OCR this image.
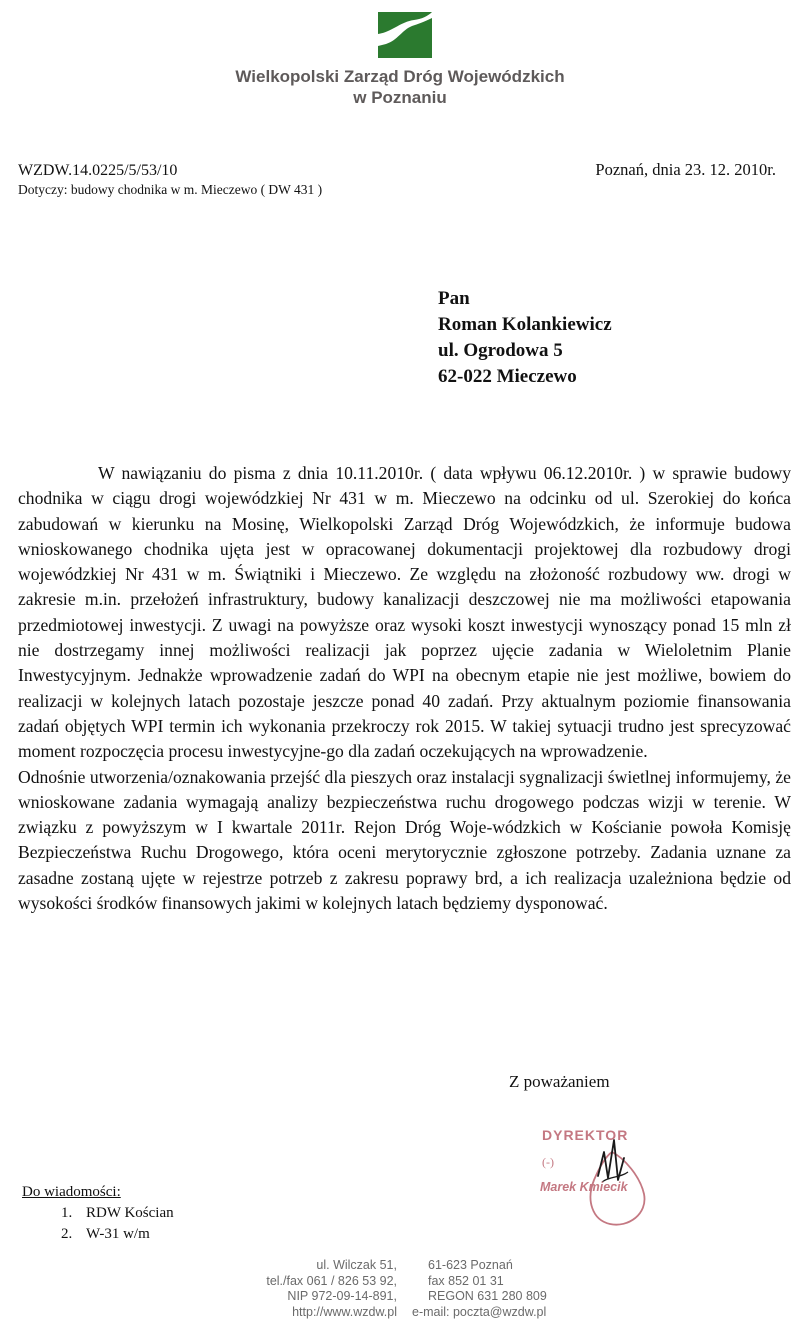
Wielkopolski Zarząd Dróg Wojewódzkich
w Poznaniu
WZDW.14.0225/5/53/10
Dotyczy: budowy chodnika w m. Mieczewo ( DW 431 )
Poznań, dnia 23. 12. 2010r.
Pan
Roman Kolankiewicz
ul. Ogrodowa 5
62-022 Mieczewo

W nawiązaniu do pisma z dnia 10.11.2010r. ( data wpływu 06.12.2010r. ) w sprawie budowy chodnika w ciągu drogi wojewódzkiej Nr 431 w m. Mieczewo na odcinku od ul. Szerokiej do końca zabudowań w kierunku na Mosinę, Wielkopolski Zarząd Dróg Wojewódzkich, że informuje budowa wnioskowanego chodnika ujęta jest w opracowanej dokumentacji projektowej dla rozbudowy drogi wojewódzkiej Nr 431 w m. Świątniki i Mieczewo. Ze względu na złożoność rozbudowy ww. drogi w zakresie m.in. przełożeń infrastruktury, budowy kanalizacji deszczowej nie ma możliwości etapowania przedmiotowej inwestycji. Z uwagi na powyższe oraz wysoki koszt inwestycji wynoszący ponad 15 mln zł nie dostrzegamy innej możliwości realizacji jak poprzez ujęcie zadania w Wieloletnim Planie Inwestycyjnym. Jednakże wprowadzenie zadań do WPI na obecnym etapie nie jest możliwe, bowiem do realizacji w kolejnych latach pozostaje jeszcze ponad 40 zadań. Przy aktualnym poziomie finansowania zadań objętych WPI termin ich wykonania przekroczy rok 2015. W takiej sytuacji trudno jest sprecyzować moment rozpoczęcia procesu inwestycyjne-go dla zadań oczekujących na wprowadzenie.

Odnośnie utworzenia/oznakowania przejść dla pieszych oraz instalacji sygnalizacji świetlnej informujemy, że wnioskowane zadania wymagają analizy bezpieczeństwa ruchu drogowego podczas wizji w terenie. W związku z powyższym w I kwartale 2011r. Rejon Dróg Woje-wódzkich w Kościanie powoła Komisję Bezpieczeństwa Ruchu Drogowego, która oceni merytorycznie zgłoszone potrzeby. Zadania uznane za zasadne zostaną ujęte w rejestrze potrzeb z zakresu poprawy brd, a ich realizacja uzależniona będzie od wysokości środków finansowych jakimi w kolejnych latach będziemy dysponować.

Z poważaniem
DYREKTOR
(-)
Marek Kmiecik
Do wiadomości:
1. RDW Kościan
2. W-31 w/m
ul. Wilczak 51, 61-623 Poznań
tel./fax 061 / 826 53 92, fax 852 01 31
NIP 972-09-14-891, REGON 631 280 809
http://www.wzdw.pl e-mail: poczta@wzdw.pl
